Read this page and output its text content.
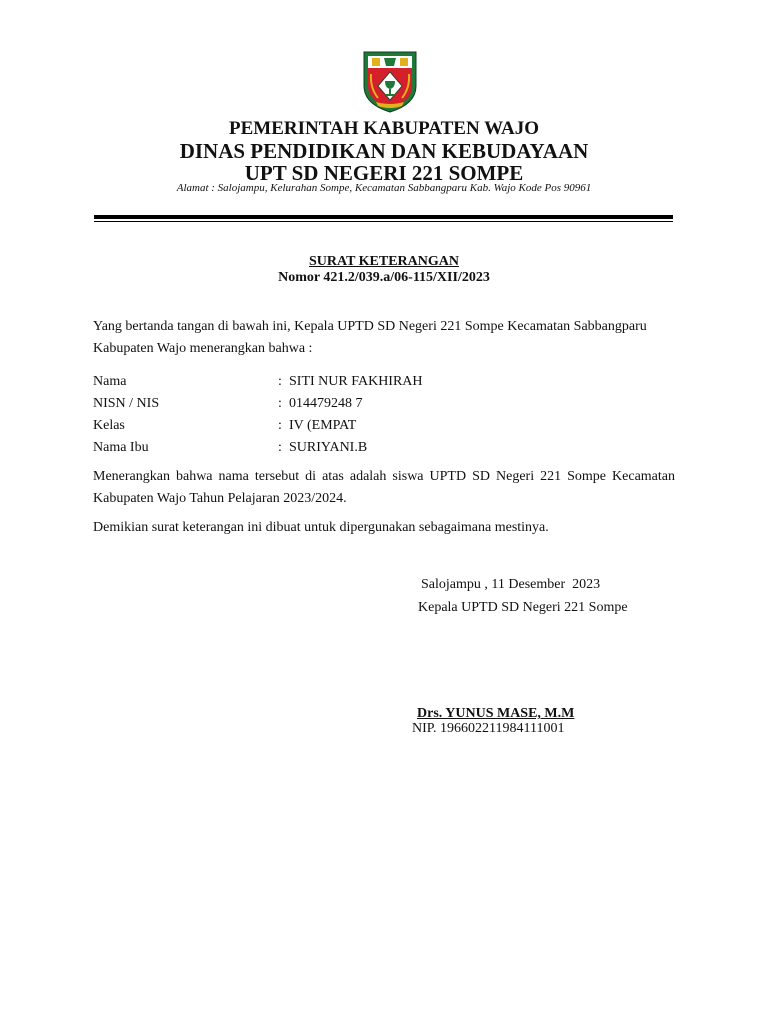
PEMERINTAH KABUPATEN WAJO
DINAS PENDIDIKAN DAN KEBUDAYAAN
UPT SD NEGERI 221 SOMPE
Alamat : Salojampu, Kelurahan Sompe, Kecamatan Sabbangparu Kab. Wajo Kode Pos 90961
SURAT KETERANGAN
Nomor 421.2/039.a/06-115/XII/2023
Yang bertanda tangan di bawah ini, Kepala UPTD SD Negeri 221 Sompe Kecamatan Sabbangparu Kabupaten Wajo menerangkan bahwa :
Nama	: SITI NUR FAKHIRAH
NISN / NIS	: 014479248 7
Kelas	: IV (EMPAT
Nama Ibu	: SURIYANI.B
Menerangkan bahwa nama tersebut di atas adalah siswa UPTD SD Negeri 221 Sompe Kecamatan Kabupaten Wajo Tahun Pelajaran 2023/2024.
Demikian surat keterangan ini dibuat untuk dipergunakan sebagaimana mestinya.
Salojampu , 11 Desember  2023
Kepala UPTD SD Negeri 221 Sompe
Drs. YUNUS MASE, M.M
NIP. 196602211984111001
